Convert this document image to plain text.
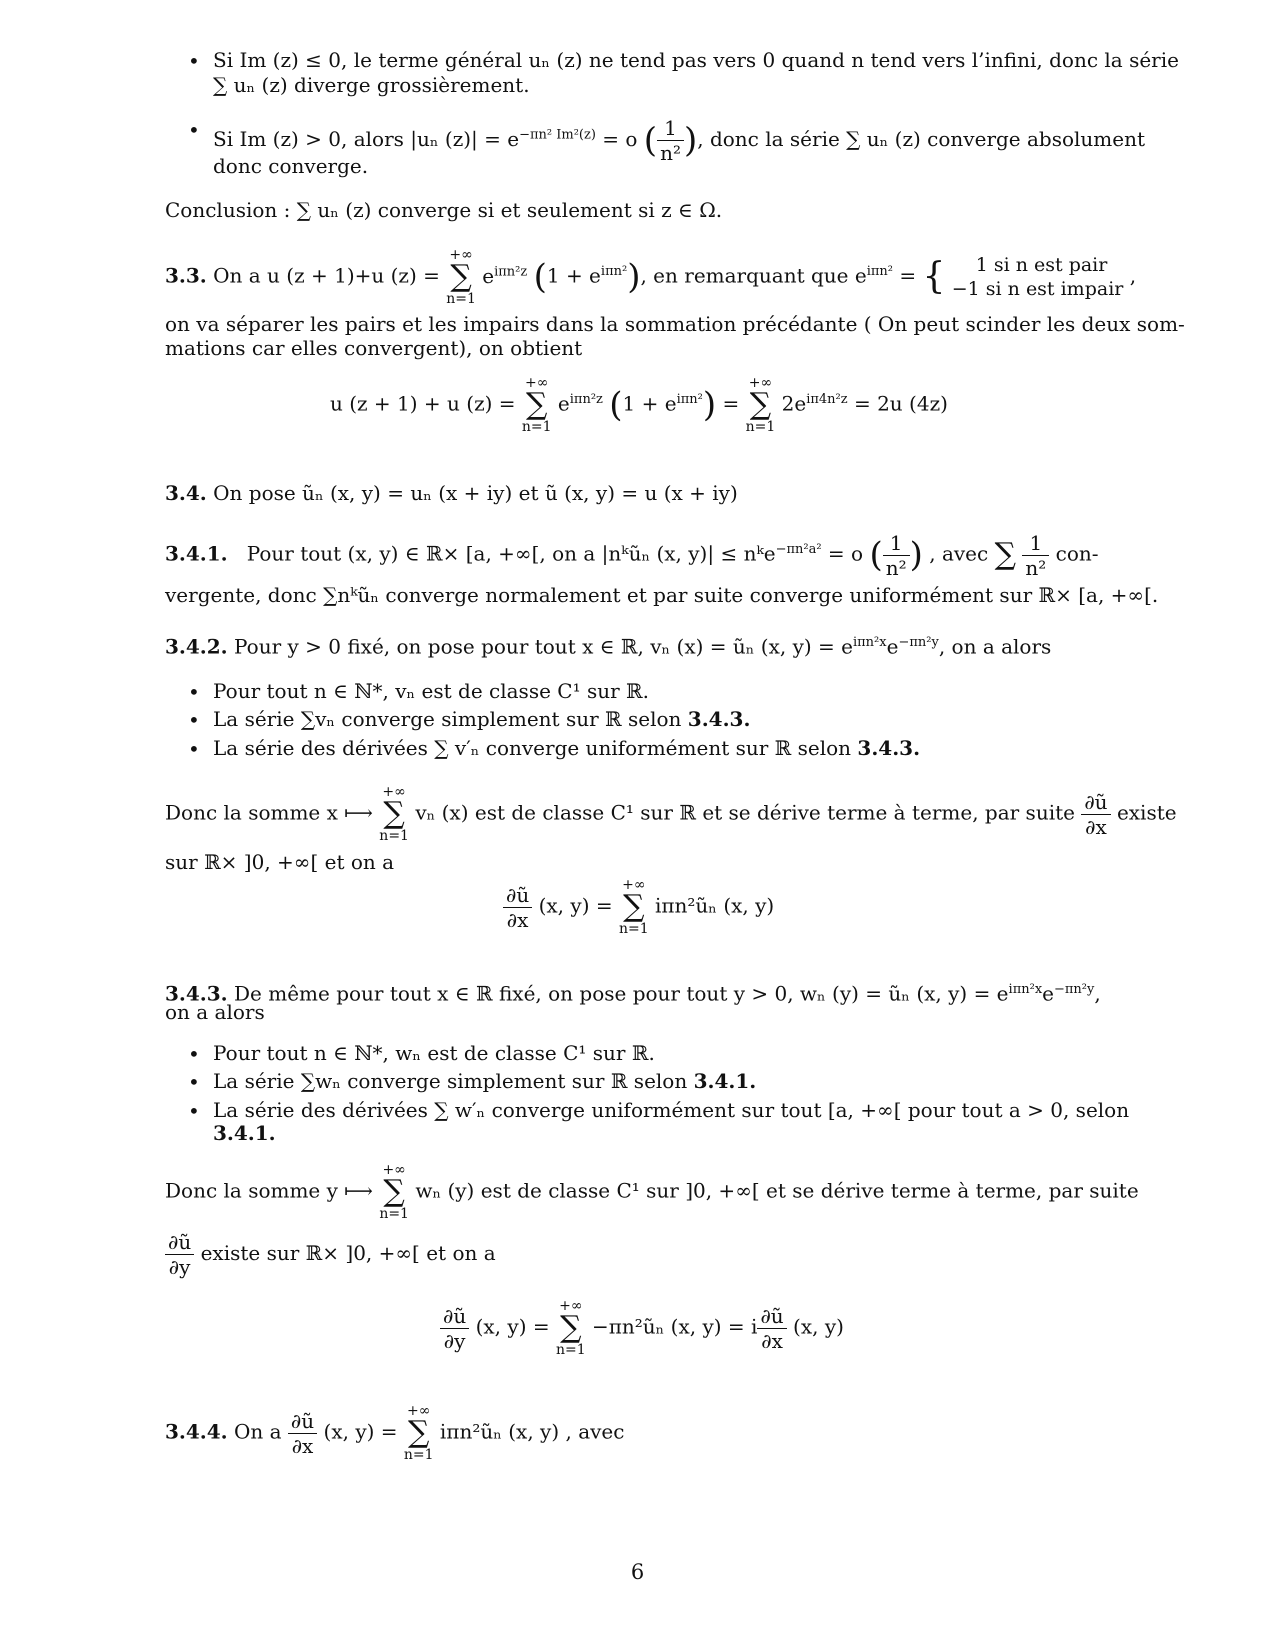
• Si Im (z) ≤ 0, le terme général uₙ (z) ne tend pas vers 0 quand n tend vers l’infini, donc la série
∑ uₙ (z) diverge grossièrement.
• Si Im (z) > 0, alors |uₙ $(z)| = e^{-\pi n^2 Im^2(z)} = o$ ( $\frac{1}{\text{n²}}$ ), donc la série ∑ uₙ (z) converge absolument
donc converge.
Conclusion : ∑ uₙ (z) converge si et seulement si z ∈ Ω.
3.3. On a u (z + 1)+u (z) =
+∞
∑
n=1
$e^{i\pi n^2z}$ $(1 + e^{i\pi n^2})$, en remarquant que $e^{i\pi n^2}$ = {	1 si n est pair
−1 si n est impair
,
on va séparer les pairs et les impairs dans la sommation précédante ( On peut scinder les deux som-
mations car elles convergent), on obtient
u (z + 1) + u (z) =
+∞
∑
n=1
$e^{i\pi n^2z}$ $(1 + e^{i\pi n^2})$ =
+∞
∑
n=1
$2e^{i\pi 4n^2z} = 2u$ (4z)
3.4. On pose ũₙ (x, y) = uₙ (x + iy) et ũ (x, y) = u (x + iy)
3.4.1. Pour tout (x, y) ∈ ℝ× [a, +∞[, on a |nᵏũₙ (x, y)| ≤ nᵏe$^{-\pi n^2a^2}$ = o ( $\frac{1}{\text{n²}}$ ) , avec ∑ $\frac{1}{\text{n²}} con-$
vergente, donc ∑nᵏũₙ converge normalement et par suite converge uniformément sur ℝ× [a, +∞[.
3.4.2. Pour y > 0 fixé, on pose pour tout x ∈ ℝ, vₙ (x) = ũₙ (x, $y) = e^{i\pi n^2x}e^{-\pi n^2y}$, on a alors
• Pour tout n ∈ ℕ*, vₙ est de classe C¹ sur ℝ.
• La série ∑vₙ converge simplement sur ℝ selon 3.4.3.
• La série des dérivées ∑ v′ₙ converge uniformément sur ℝ selon 3.4.3.
Donc la somme x ⟼
+∞
∑
n=1
vₙ (x) est de classe C¹ sur ℝ et se dérive terme à terme, par suite $\frac{\partial ũ}{\partial x}$ existe
sur ℝ× ]0, +∞[ et on a
$\frac{\partial ũ}{\partial x} (x$, y) =
+∞
∑
n=1
iπn²ũₙ (x, y)
3.4.3. De même pour tout x ∈ ℝ fixé, on pose pour tout y > 0, wₙ (y) = ũₙ (x, $y) = e^{i\pi n^2x}e^{-\pi n^2y}$,
on a alors
• Pour tout n ∈ ℕ*, wₙ est de classe C¹ sur ℝ.
• La série ∑wₙ converge simplement sur ℝ selon 3.4.1.
• La série des dérivées ∑ w′ₙ converge uniformément sur tout [a, +∞[ pour tout a > 0, selon
3.4.1.
Donc la somme y ⟼
+∞
∑
n=1
wₙ (y) est de classe C¹ sur ]0, +∞[ et se dérive terme à terme, par suite
$\frac{\partial ũ}{\partial y}$ existe sur ℝ× ]0, +∞[ et on a
$\frac{\partial ũ}{\partial y} (x$, y) =
+∞
∑
n=1
−πn²ũₙ (x, y) = i $\frac{\partial ũ}{\partial x} (x$, y)
3.4.4. On a $\frac{\partial ũ}{\partial x} (x$, y) =
+∞
∑
n=1
iπn²ũₙ (x, y) , avec
6
